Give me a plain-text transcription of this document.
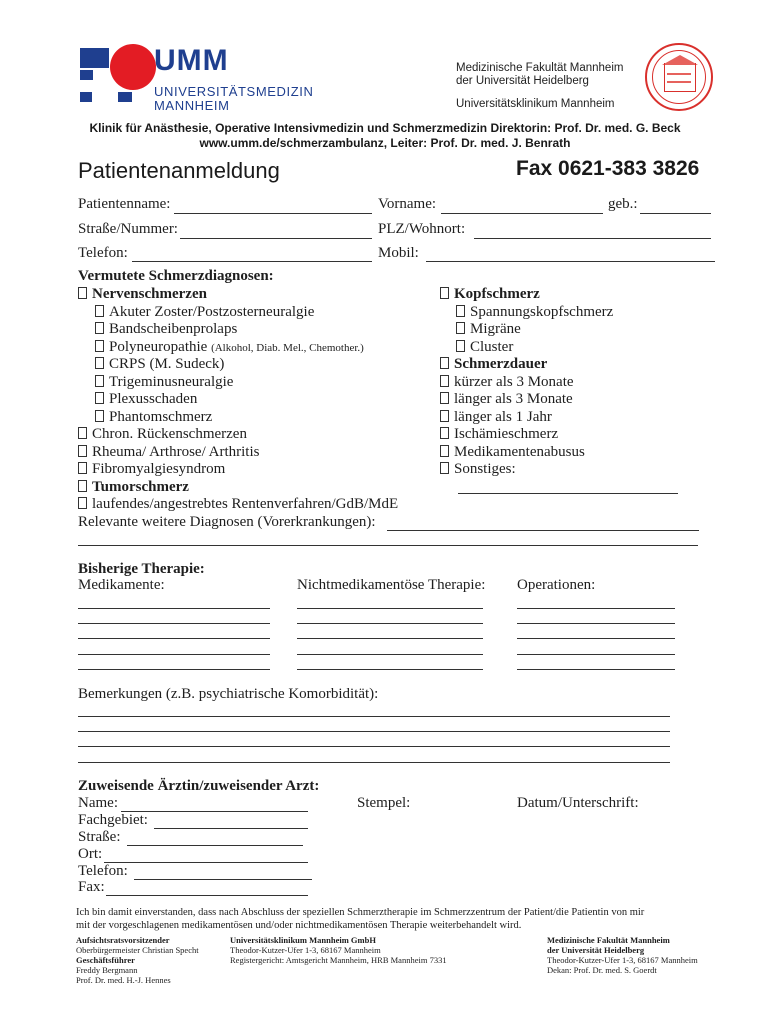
UMM
UNIVERSITÄTSMEDIZIN
MANNHEIM
Medizinische Fakultät Mannheim
der Universität Heidelberg
Universitätsklinikum Mannheim
Klinik für Anästhesie, Operative Intensivmedizin und Schmerzmedizin Direktorin: Prof. Dr. med. G. Beck
www.umm.de/schmerzambulanz, Leiter: Prof. Dr. med. J. Benrath
Patientenanmeldung	Fax 0621-383 3826
Patientenname:	Vorname:	geb.:
Straße/Nummer:	PLZ/Wohnort:
Telefon:	Mobil:
Vermutete Schmerzdiagnosen:
Nervenschmerzen
Akuter Zoster/Postzosterneuralgie
Bandscheibenprolaps
Polyneuropathie (Alkohol, Diab. Mel., Chemother.)
CRPS (M. Sudeck)
Trigeminusneuralgie
Plexusschaden
Phantomschmerz
Chron. Rückenschmerzen
Rheuma/ Arthrose/ Arthritis
Fibromyalgiesyndrom
Tumorschmerz
laufendes/angestrebtes Rentenverfahren/GdB/MdE
Relevante weitere Diagnosen (Vorerkrankungen):
Kopfschmerz
Spannungskopfschmerz
Migräne
Cluster
Schmerzdauer
kürzer als 3 Monate
länger als 3 Monate
länger als 1 Jahr
Ischämieschmerz
Medikamentenabusus
Sonstiges:
Bisherige Therapie:
Medikamente:	Nichtmedikamentöse Therapie: Operationen:
Bemerkungen (z.B. psychiatrische Komorbidität):
Zuweisende Ärztin/zuweisender Arzt:
Name:
Fachgebiet:
Straße:
Ort:
Telefon:
Fax:
Stempel:	Datum/Unterschrift:
Ich bin damit einverstanden, dass nach Abschluss der speziellen Schmerztherapie im Schmerzzentrum der Patient/die Patientin von mir
mit der vorgeschlagenen medikamentösen und/oder nichtmedikamentösen Therapie weiterbehandelt wird.
Aufsichtsratsvorsitzender
Oberbürgermeister Christian Specht
Geschäftsführer
Freddy Bergmann
Prof. Dr. med. H.-J. Hennes
Universitätsklinikum Mannheim GmbH
Theodor-Kutzer-Ufer 1-3, 68167 Mannheim
Registergericht: Amtsgericht Mannheim, HRB Mannheim 7331
Medizinische Fakultät Mannheim
der Universität Heidelberg
Theodor-Kutzer-Ufer 1-3, 68167 Mannheim
Dekan: Prof. Dr. med. S. Goerdt
